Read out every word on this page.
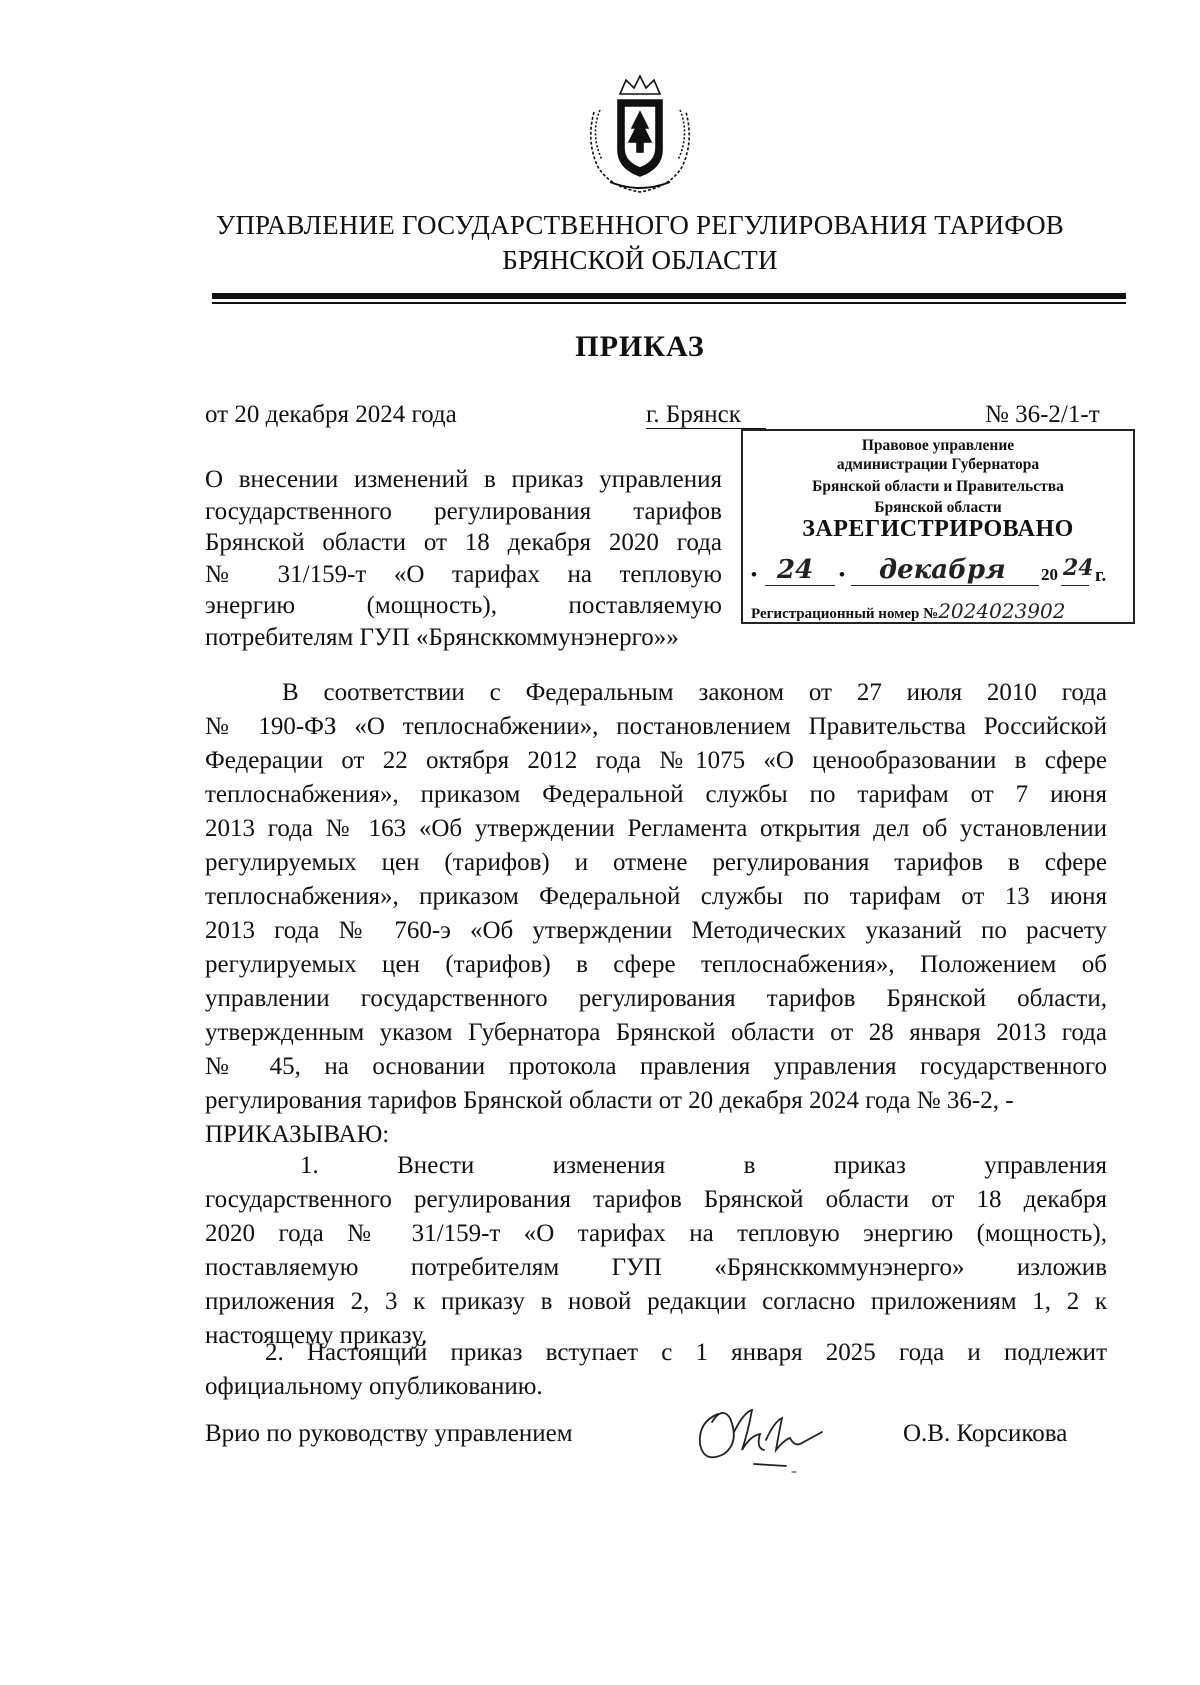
УПРАВЛЕНИЕ ГОСУДАРСТВЕННОГО РЕГУЛИРОВАНИЯ ТАРИФОВ
БРЯНСКОЙ ОБЛАСТИ
ПРИКАЗ
от 20 декабря 2024 года	г. Брянск	№ 36-2/1-т
О внесении изменений в приказ управления
государственного регулирования тарифов
Брянской области от 18 декабря 2020 года
№ 31/159-т «О тарифах на тепловую
энергию (мощность), поставляемую
потребителям ГУП «Брянсккоммунэнерго»»
Правовое управление
администрации Губернатора
Брянской области и Правительства
Брянской области
ЗАРЕГИСТРИРОВАНО
• 24 • декабря 20 24 г.
Регистрационный номер №2024023902
В соответствии с Федеральным законом от 27 июля 2010 года
№ 190-ФЗ «О теплоснабжении», постановлением Правительства Российской
Федерации от 22 октября 2012 года №1075 «О ценообразовании в сфере
теплоснабжения», приказом Федеральной службы по тарифам от 7 июня
2013 года № 163 «Об утверждении Регламента открытия дел об установлении
регулируемых цен (тарифов) и отмене регулирования тарифов в сфере
теплоснабжения», приказом Федеральной службы по тарифам от 13 июня
2013 года № 760-э «Об утверждении Методических указаний по расчету
регулируемых цен (тарифов) в сфере теплоснабжения», Положением об
управлении государственного регулирования тарифов Брянской области,
утвержденным указом Губернатора Брянской области от 28 января 2013 года
№ 45, на основании протокола правления управления государственного
регулирования тарифов Брянской области от 20 декабря 2024 года № 36-2, -
ПРИКАЗЫВАЮ:
1. Внести изменения в приказ управления
государственного регулирования тарифов Брянской области от 18 декабря
2020 года № 31/159-т «О тарифах на тепловую энергию (мощность),
поставляемую потребителям ГУП «Брянсккоммунэнерго» изложив
приложения 2, 3 к приказу в новой редакции согласно приложениям 1, 2 к
настоящему приказу.
2. Настоящий приказ вступает с 1 января 2025 года и подлежит
официальному опубликованию.
Врио по руководству управлением	О.В. Корсикова
